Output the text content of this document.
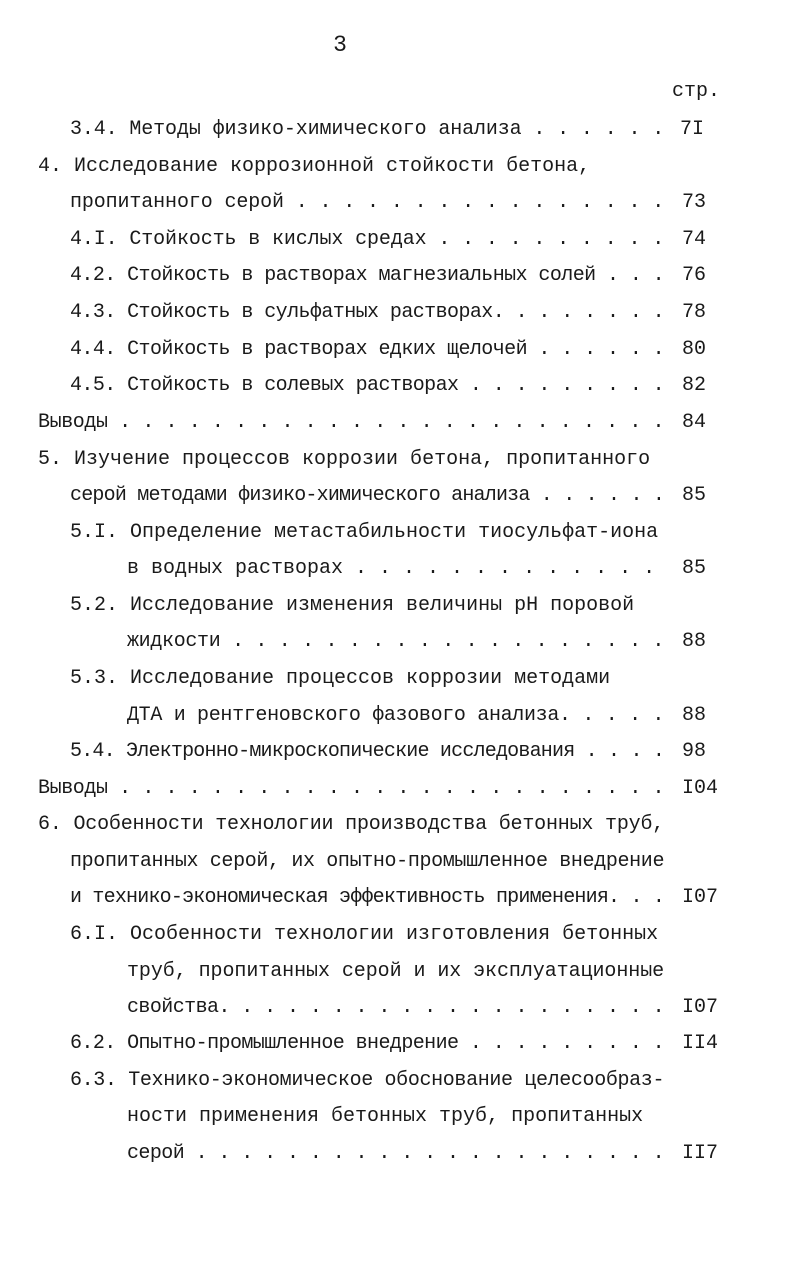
3
стр.
3.4. Методы физико-химического анализа . . . . . . 7I
4. Исследование коррозионной стойкости бетона,
пропитанного серой . . . . . . . . . . . . . . . . 73
4.I. Стойкость в кислых средах . . . . . . . . . . 74
4.2. Стойкость в растворах магнезиальных солей . . . 76
4.3. Стойкость в сульфатных растворах. . . . . . . . 78
4.4. Стойкость в растворах едких щелочей . . . . . . 80
4.5. Стойкость в солевых растворах . . . . . . . . . 82
Выводы . . . . . . . . . . . . . . . . . . . . . . . . 84
5. Изучение процессов коррозии бетона, пропитанного
серой методами физико-химического анализа . . . . . . 85
5.I. Определение метастабильности тиосульфат-иона
в водных растворах . . . . . . . . . . . . . 85
5.2. Исследование изменения величины pH поровой
жидкости . . . . . . . . . . . . . . . . . . . 88
5.3. Исследование процессов коррозии методами
ДТА и рентгеновского фазового анализа. . . . . 88
5.4. Электронно-микроскопические исследования . . . . 98
Выводы . . . . . . . . . . . . . . . . . . . . . . . . I04
6. Особенности технологии производства бетонных труб,
пропитанных серой, их опытно-промышленное внедрение
и технико-экономическая эффективность применения. . . I07
6.I. Особенности технологии изготовления бетонных
труб, пропитанных серой и их эксплуатационные
свойства. . . . . . . . . . . . . . . . . . . . I07
6.2. Опытно-промышленное внедрение . . . . . . . . . II4
6.3. Технико-экономическое обоснование целесообраз-
ности применения бетонных труб, пропитанных
серой . . . . . . . . . . . . . . . . . . . . . II7
